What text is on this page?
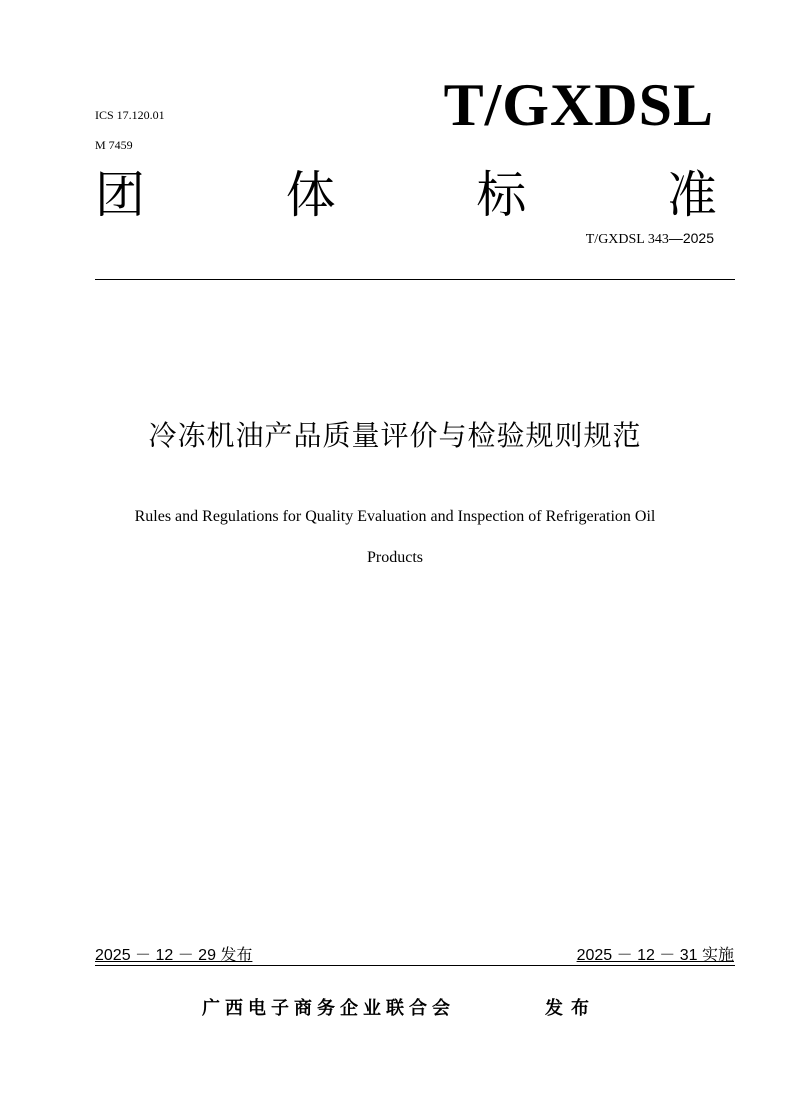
ICS 17.120.01
M 7459
T/GXDSL
团	体	标	准
T/GXDSL 343—2025
冷冻机油产品质量评价与检验规则规范
Rules and Regulations for Quality Evaluation and Inspection of Refrigeration Oil
Products
2025 － 12 － 29 发布	2025 － 12 － 31 实施
广西电子商务企业联合会	发布
